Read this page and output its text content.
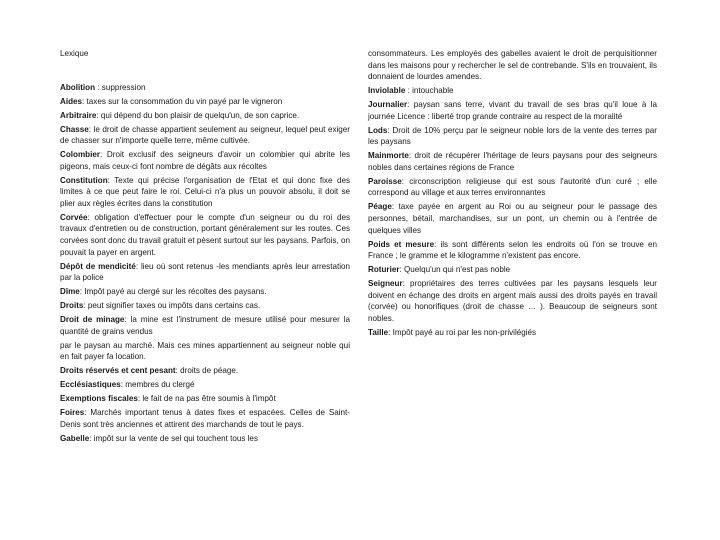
Lexique

Abolition : suppression

Aides: taxes sur la consommation du vin payé par le vigneron

Arbitraire: qui dépend du bon plaisir de quelqu'un, de son caprice.

Chasse: le droit de chasse appartient seulement au seigneur, lequel peut exiger de chasser sur n'importe quelle terre, même cultivée.

Colombier: Droit exclusif des seigneurs d'avoir un colombier qui abrite les pigeons, mais ceux-ci font nombre de dégâts aux récoltes

Constitution: Texte qui précise l'organisation de l'Etat et qui donc fixe des limites à ce que peut faire le roi. Celui-ci n'a plus un pouvoir absolu, il doit se plier aux règles écrites dans la constitution

Corvée: obligation d'effectuer pour le compte d'un seigneur ou du roi des travaux d'entretien ou de construction, portant généralement sur les routes. Ces corvées sont donc du travail gratuit et pèsent surtout sur les paysans. Parfois, on pouvait la payer en argent.

Dépôt de mendicité: lieu où sont retenus -les mendiants après leur arrestation par la police

Dîme: Impôt payé au clergé sur les récoltes des paysans.

Droits: peut signifier taxes ou impôts dans certains cas.

Droit de minage: la mine est l'instrument de mesure utilisé pour mesurer la quantité de grains vendus

par le paysan au marché. Mais ces mines appartiennent au seigneur noble qui en fait payer fa location.

Droits réservés et cent pesant: droits de péage.

Ecclésiastiques: membres du clergé

Exemptions fiscales: le fait de na pas être soumis à l'impôt

Foires: Marchés important tenus à dates fixes et espacées. Celles de Saint-Denis sont très anciennes et attirent des marchands de tout le pays.

Gabelle: impôt sur la vente de sel qui touchent tous les

consommateurs. Les employés des gabelles avaient le droit de perquisitionner dans les maisons pour y rechercher le sel de contrebande. S'ils en trouvaient, ils donnaient de lourdes amendes.

Inviolable : intouchable

Journalier: paysan sans terre, vivant du travail de ses bras qu'il loue à la journée Licence : liberté trop grande contraire au respect de la moralité

Lods: Droit de 10% perçu par le seigneur noble lors de la vente des terres par les paysans

Mainmorte: droit de récupérer l'héritage de leurs paysans pour des seigneurs nobles dans certaines régions de France

Paroisse: circonscription religieuse qui est sous l'autorité d'un curé ; elle correspond au village et aux terres environnantes

Péage: taxe payée en argent au Roi ou au seigneur pour le passage des personnes, bétail, marchandises, sur un pont, un chemin ou à l'entrée de quelques villes

Poids et mesure: ils sont différents selon les endroits où l'on se trouve en France ; le gramme et le kilogramme n'existent pas encore.

Roturier: Quelqu'un qui n'est pas noble

Seigneur: propriétaires des terres cultivées par les paysans lesquels leur doivent en échange des droits en argent mais aussi des droits payés en travail (corvée) ou honorifiques (droit de chasse … ). Beaucoup de seigneurs sont nobles.

Taille: Impôt payé au roi par les non-privilégiés
